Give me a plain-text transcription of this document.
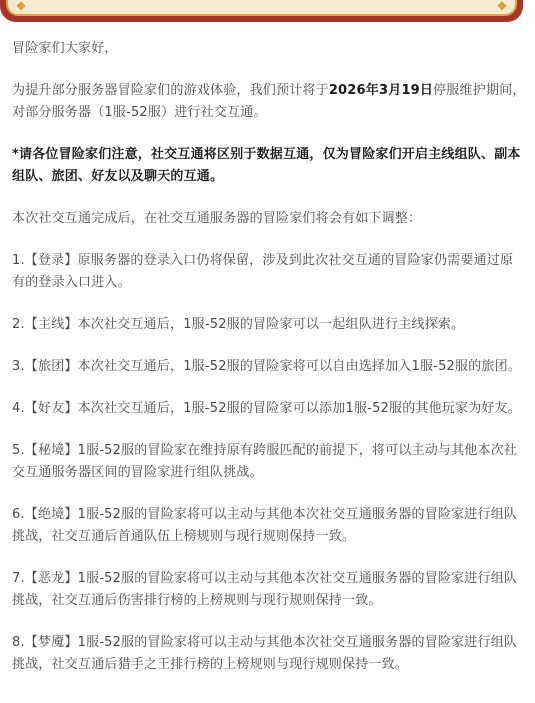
◆	◆

冒险家们大家好，

为提升部分服务器冒险家们的游戏体验，我们预计将于2026年3月19日停服维护期间，对部分服务器（1服-52服）进行社交互通。

*请各位冒险家们注意，社交互通将区别于数据互通，仅为冒险家们开启主线组队、副本组队、旅团、好友以及聊天的互通。

本次社交互通完成后，在社交互通服务器的冒险家们将会有如下调整：

1.【登录】原服务器的登录入口仍将保留，涉及到此次社交互通的冒险家仍需要通过原有的登录入口进入。

2.【主线】本次社交互通后，1服-52服的冒险家可以一起组队进行主线探索。

3.【旅团】本次社交互通后，1服-52服的冒险家将可以自由选择加入1服-52服的旅团。

4.【好友】本次社交互通后，1服-52服的冒险家可以添加1服-52服的其他玩家为好友。

5.【秘境】1服-52服的冒险家在维持原有跨服匹配的前提下，将可以主动与其他本次社交互通服务器区间的冒险家进行组队挑战。

6.【绝境】1服-52服的冒险家将可以主动与其他本次社交互通服务器的冒险家进行组队挑战，社交互通后首通队伍上榜规则与现行规则保持一致。

7.【恶龙】1服-52服的冒险家将可以主动与其他本次社交互通服务器的冒险家进行组队挑战，社交互通后伤害排行榜的上榜规则与现行规则保持一致。

8.【梦魇】1服-52服的冒险家将可以主动与其他本次社交互通服务器的冒险家进行组队挑战，社交互通后猎手之王排行榜的上榜规则与现行规则保持一致。
